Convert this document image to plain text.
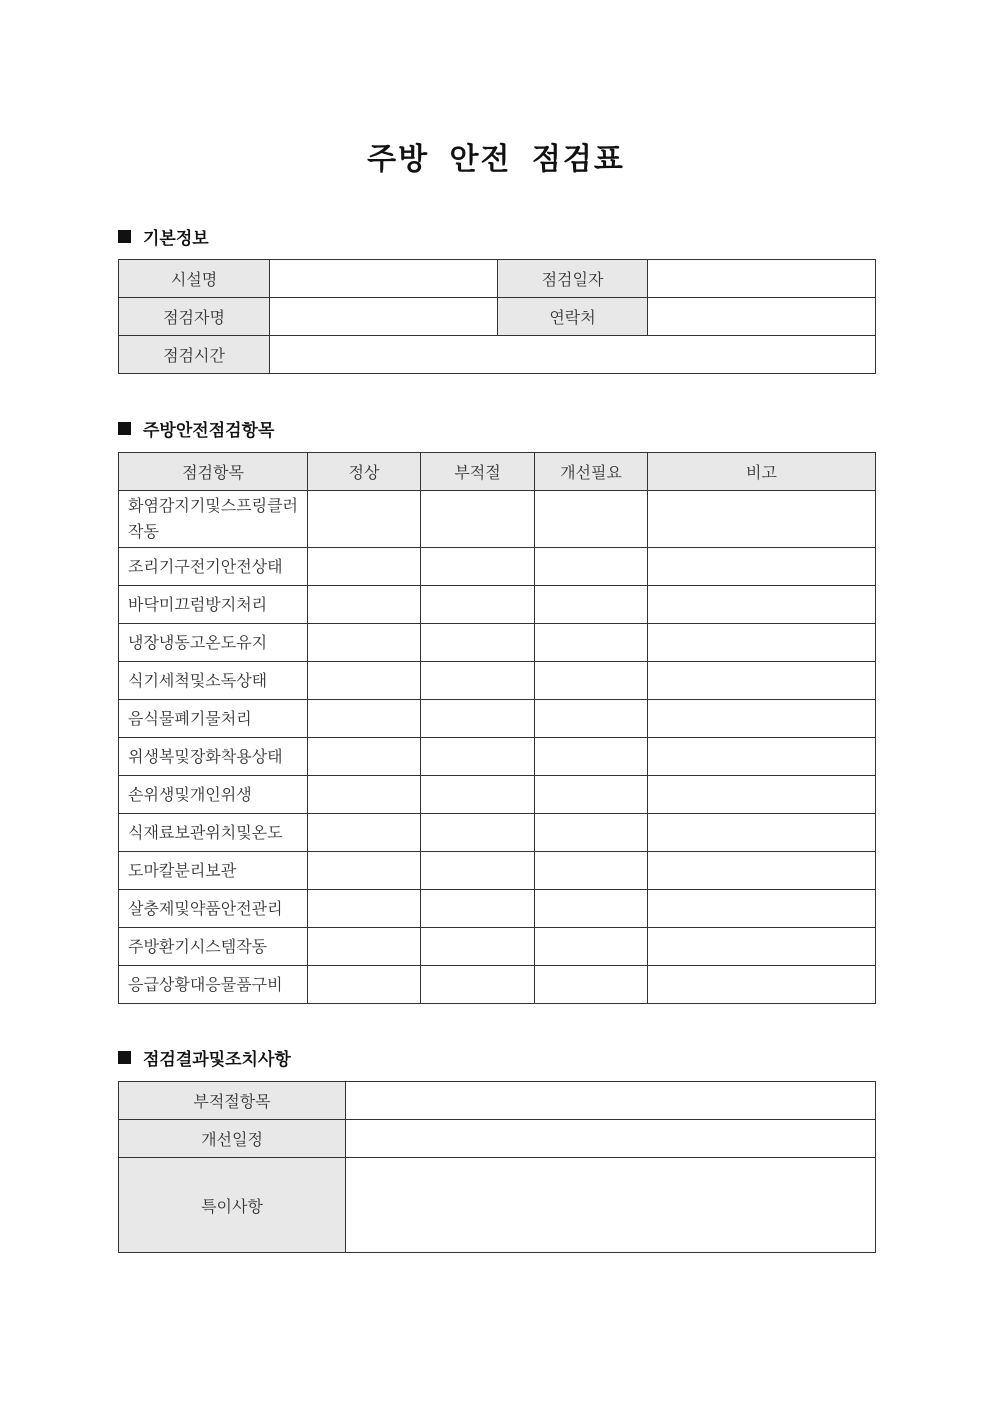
주방 안전 점검표
기본정보
시설명		점검일자	
점검자명		연락처	
점검시간			
주방안전점검항목
점검항목	정상	부적절	개선필요	비고
화염감지기및스프링클러작동				
조리기구전기안전상태				
바닥미끄럼방지처리				
냉장냉동고온도유지				
식기세척및소독상태				
음식물폐기물처리				
위생복및장화착용상태				
손위생및개인위생				
식재료보관위치및온도				
도마칼분리보관				
살충제및약품안전관리				
주방환기시스템작동				
응급상황대응물품구비				
점검결과및조치사항
부적절항목	
개선일정	
특이사항	
